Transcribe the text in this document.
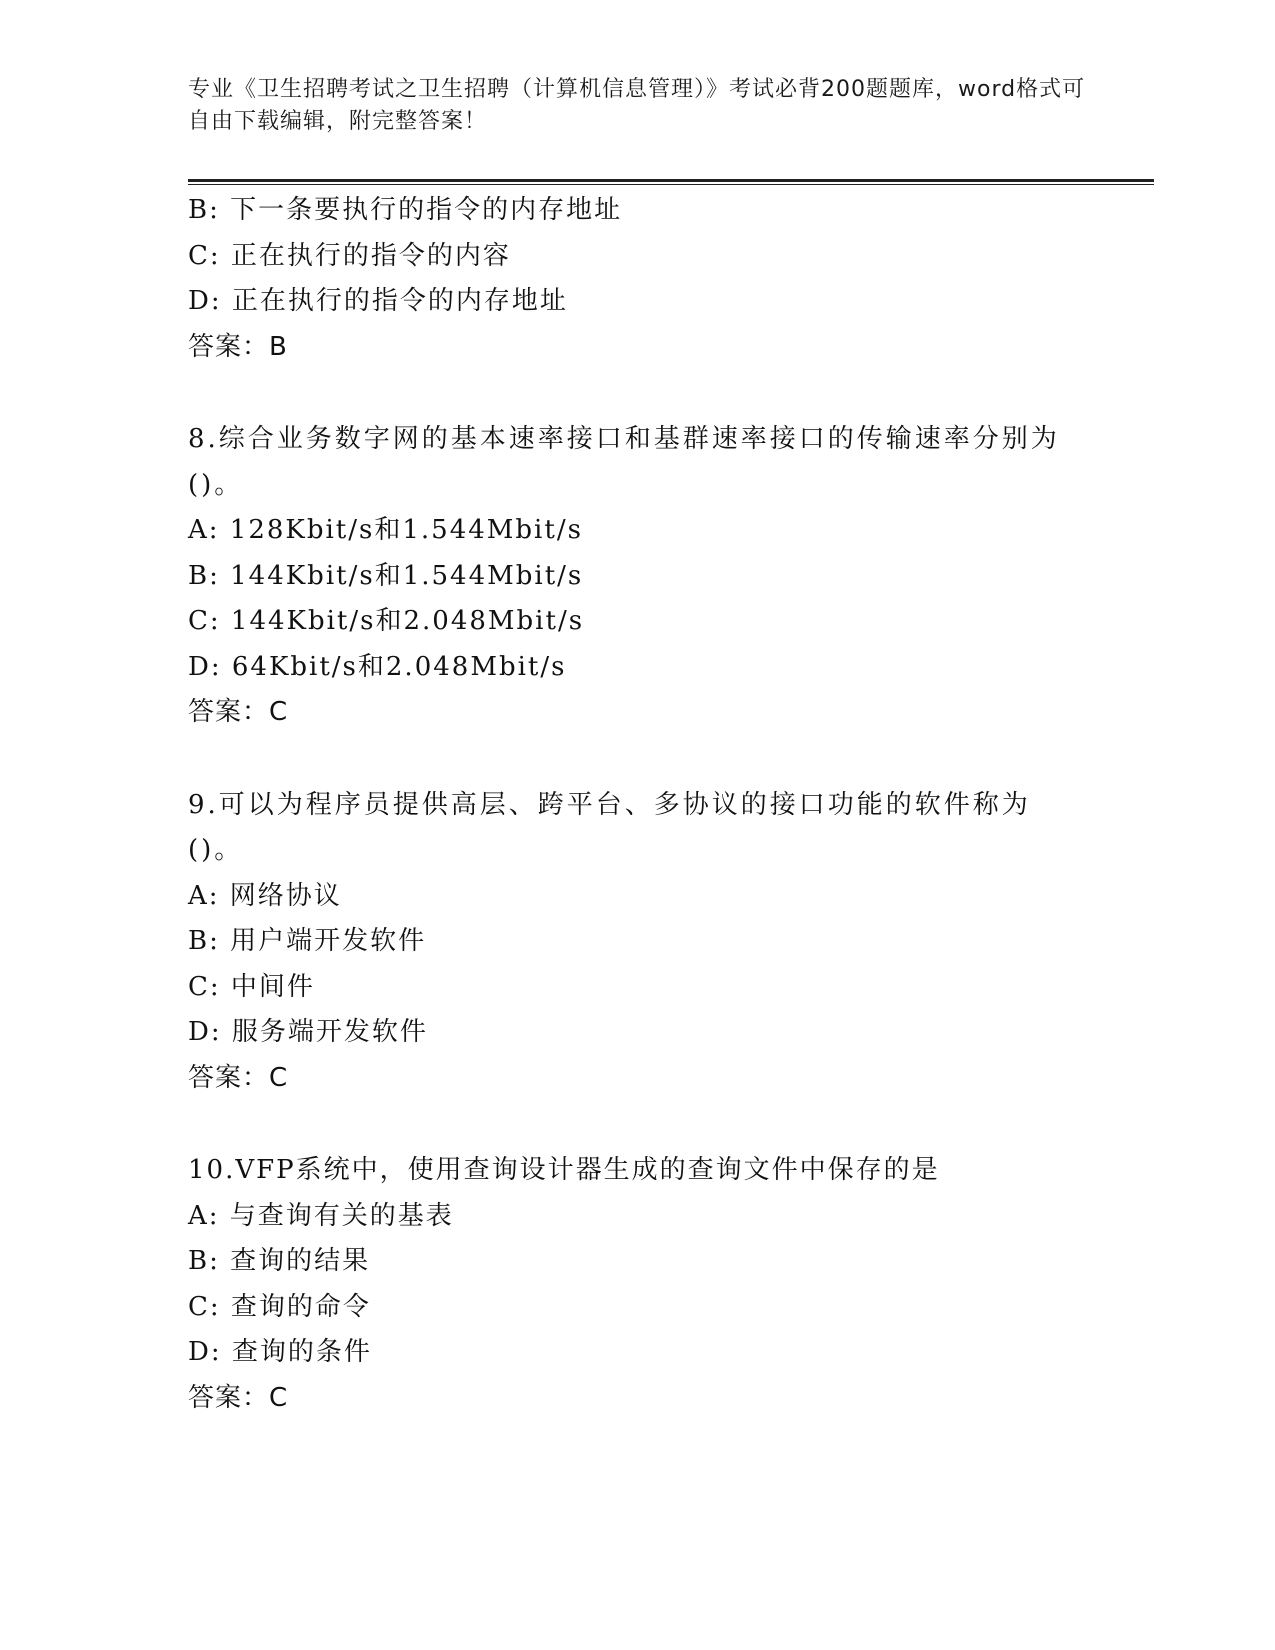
专业《卫生招聘考试之卫生招聘（计算机信息管理）》考试必背200题题库，word格式可自由下载编辑，附完整答案！
B: 下一条要执行的指令的内存地址
C: 正在执行的指令的内容
D: 正在执行的指令的内存地址
答案：B
8.综合业务数字网的基本速率接口和基群速率接口的传输速率分别为()。
A: 128Kbit/s和1.544Mbit/s
B: 144Kbit/s和1.544Mbit/s
C: 144Kbit/s和2.048Mbit/s
D: 64Kbit/s和2.048Mbit/s
答案：C
9.可以为程序员提供高层、跨平台、多协议的接口功能的软件称为()。
A: 网络协议
B: 用户端开发软件
C: 中间件
D: 服务端开发软件
答案：C
10.VFP系统中，使用查询设计器生成的查询文件中保存的是
A: 与查询有关的基表
B: 查询的结果
C: 查询的命令
D: 查询的条件
答案：C
